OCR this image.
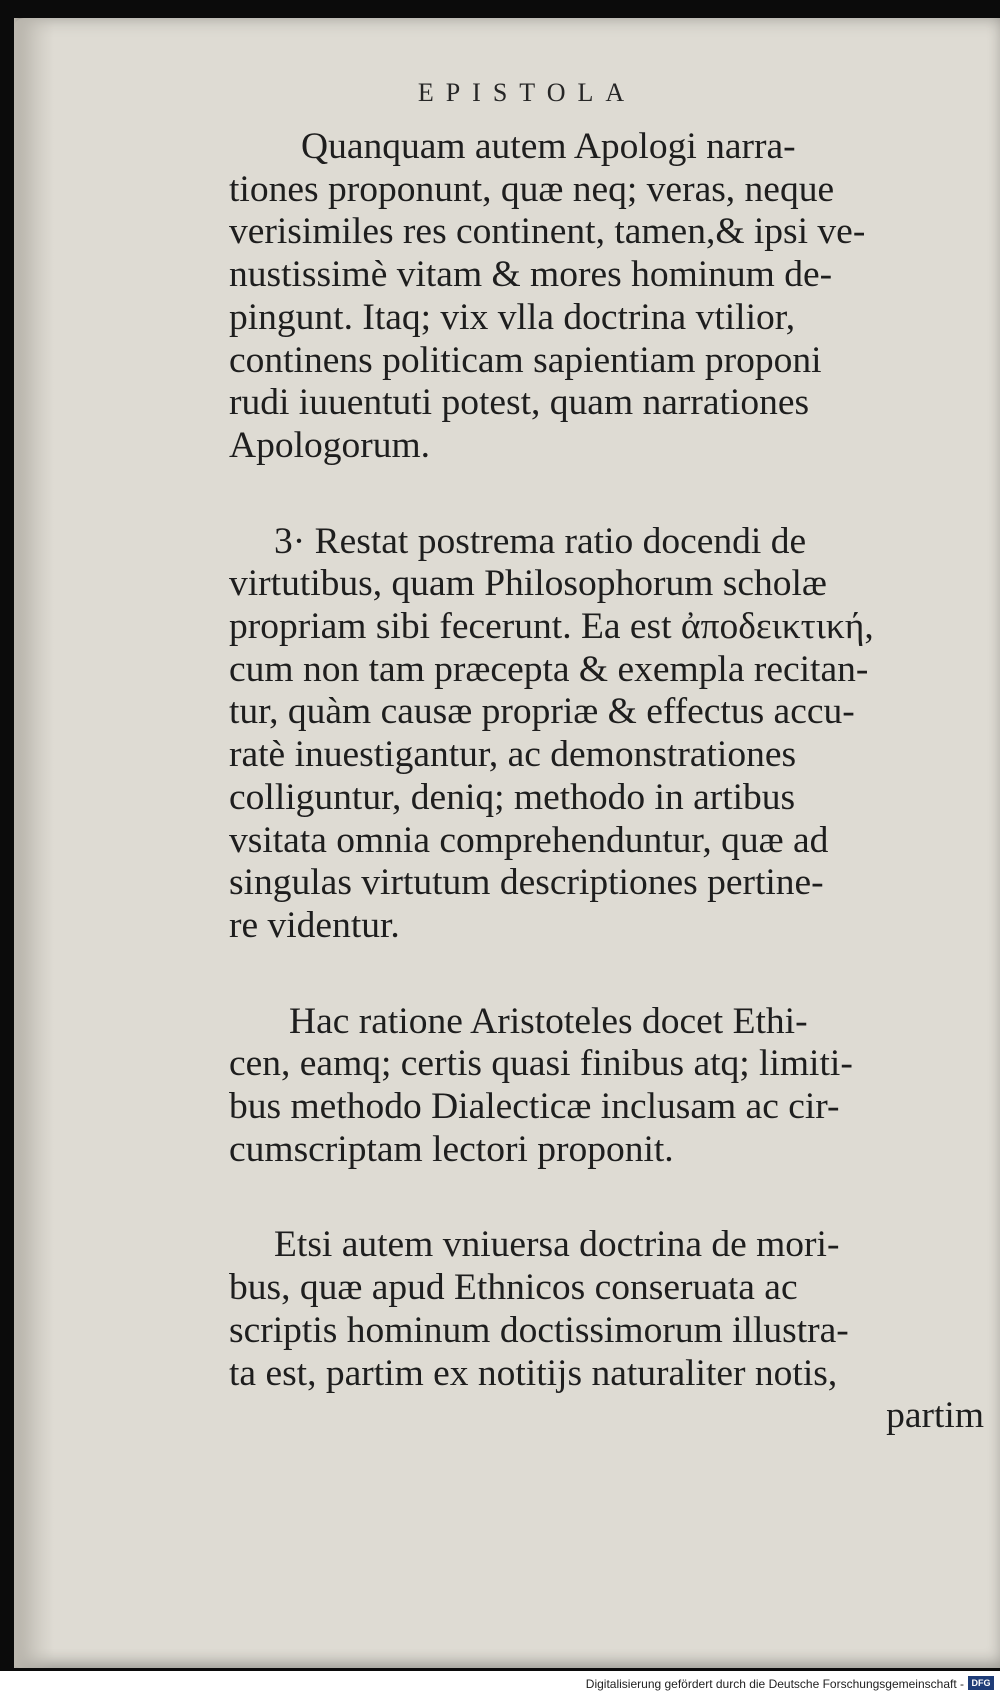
EPISTOLA
Quanquam autem Apologi narra-
tiones proponunt, quæ neq; veras, neque
verisimiles res continent, tamen,& ipsi ve-
nustissimè vitam & mores hominum de-
pingunt. Itaq; vix vlla doctrina vtilior,
continens politicam sapientiam proponi
rudi iuuentuti potest, quam narrationes
Apologorum.
3· Restat postrema ratio docendi de
virtutibus, quam Philosophorum scholæ
propriam sibi fecerunt. Ea est ἀποδεικτική,
cum non tam præcepta & exempla recitan-
tur, quàm causæ propriæ & effectus accu-
ratè inuestigantur, ac demonstrationes
colliguntur, deniq; methodo in artibus
vsitata omnia comprehenduntur, quæ ad
singulas virtutum descriptiones pertine-
re videntur.
Hac ratione Aristoteles docet Ethi-
cen, eamq; certis quasi finibus atq; limiti-
bus methodo Dialecticæ inclusam ac cir-
cumscriptam lectori proponit.
Etsi autem vniuersa doctrina de mori-
bus, quæ apud Ethnicos conseruata ac
scriptis hominum doctissimorum illustra-
ta est, partim ex notitijs naturaliter notis,
partim
Digitalisierung gefördert durch die Deutsche Forschungsgemeinschaft - DFG
